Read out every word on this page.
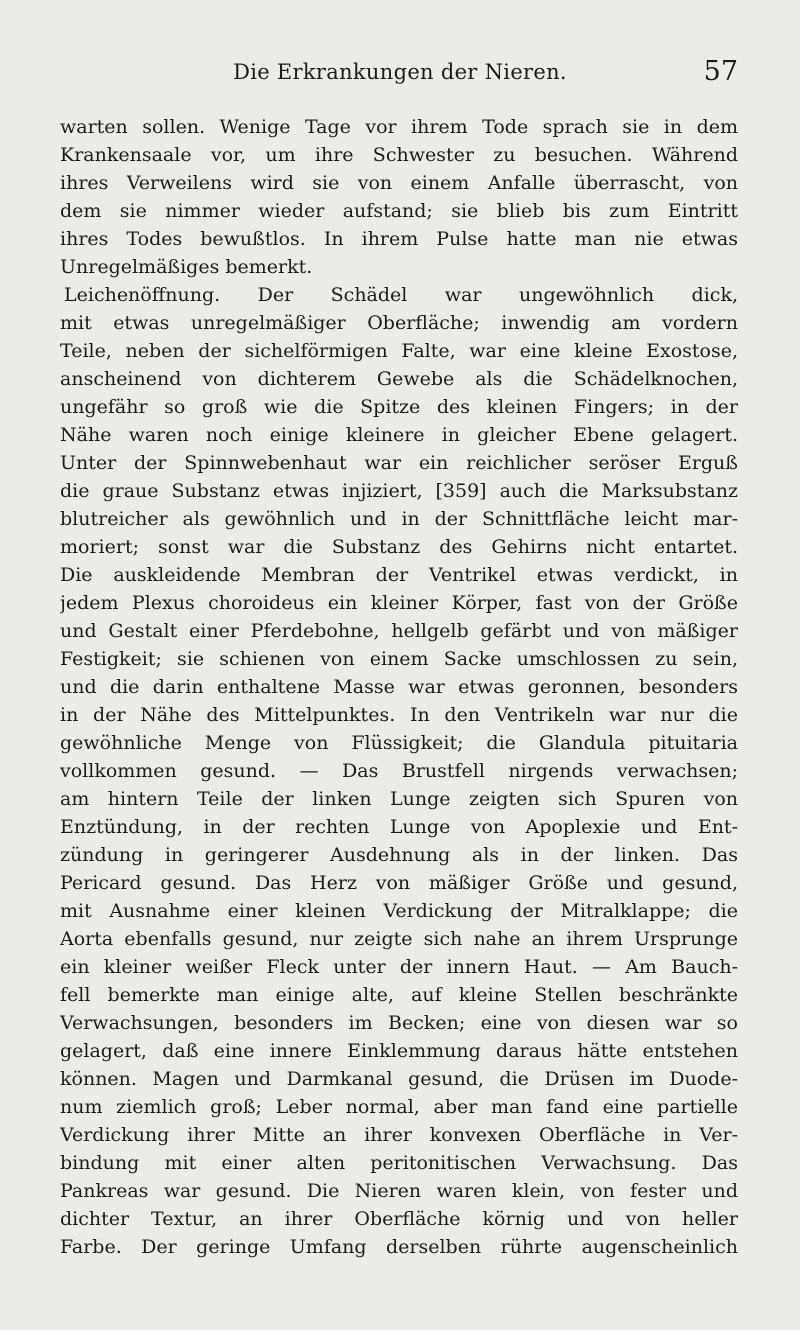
Die Erkrankungen der Nieren.	57
warten sollen. Wenige Tage vor ihrem Tode sprach sie in dem
Krankensaale vor, um ihre Schwester zu besuchen. Während
ihres Verweilens wird sie von einem Anfalle überrascht, von
dem sie nimmer wieder aufstand; sie blieb bis zum Eintritt
ihres Todes bewußtlos. In ihrem Pulse hatte man nie etwas
Unregelmäßiges bemerkt.
Leichenöffnung. Der Schädel war ungewöhnlich dick,
mit etwas unregelmäßiger Oberfläche; inwendig am vordern
Teile, neben der sichelförmigen Falte, war eine kleine Exostose,
anscheinend von dichterem Gewebe als die Schädelknochen,
ungefähr so groß wie die Spitze des kleinen Fingers; in der
Nähe waren noch einige kleinere in gleicher Ebene gelagert.
Unter der Spinnwebenhaut war ein reichlicher seröser Erguß
die graue Substanz etwas injiziert, [359] auch die Marksubstanz
blutreicher als gewöhnlich und in der Schnittfläche leicht mar-
moriert; sonst war die Substanz des Gehirns nicht entartet.
Die auskleidende Membran der Ventrikel etwas verdickt, in
jedem Plexus choroideus ein kleiner Körper, fast von der Größe
und Gestalt einer Pferdebohne, hellgelb gefärbt und von mäßiger
Festigkeit; sie schienen von einem Sacke umschlossen zu sein,
und die darin enthaltene Masse war etwas geronnen, besonders
in der Nähe des Mittelpunktes. In den Ventrikeln war nur die
gewöhnliche Menge von Flüssigkeit; die Glandula pituitaria
vollkommen gesund. — Das Brustfell nirgends verwachsen;
am hintern Teile der linken Lunge zeigten sich Spuren von
Enztündung, in der rechten Lunge von Apoplexie und Ent-
zündung in geringerer Ausdehnung als in der linken. Das
Pericard gesund. Das Herz von mäßiger Größe und gesund,
mit Ausnahme einer kleinen Verdickung der Mitralklappe; die
Aorta ebenfalls gesund, nur zeigte sich nahe an ihrem Ursprunge
ein kleiner weißer Fleck unter der innern Haut. — Am Bauch-
fell bemerkte man einige alte, auf kleine Stellen beschränkte
Verwachsungen, besonders im Becken; eine von diesen war so
gelagert, daß eine innere Einklemmung daraus hätte entstehen
können. Magen und Darmkanal gesund, die Drüsen im Duode-
num ziemlich groß; Leber normal, aber man fand eine partielle
Verdickung ihrer Mitte an ihrer konvexen Oberfläche in Ver-
bindung mit einer alten peritonitischen Verwachsung. Das
Pankreas war gesund. Die Nieren waren klein, von fester und
dichter Textur, an ihrer Oberfläche körnig und von heller
Farbe. Der geringe Umfang derselben rührte augenscheinlich
